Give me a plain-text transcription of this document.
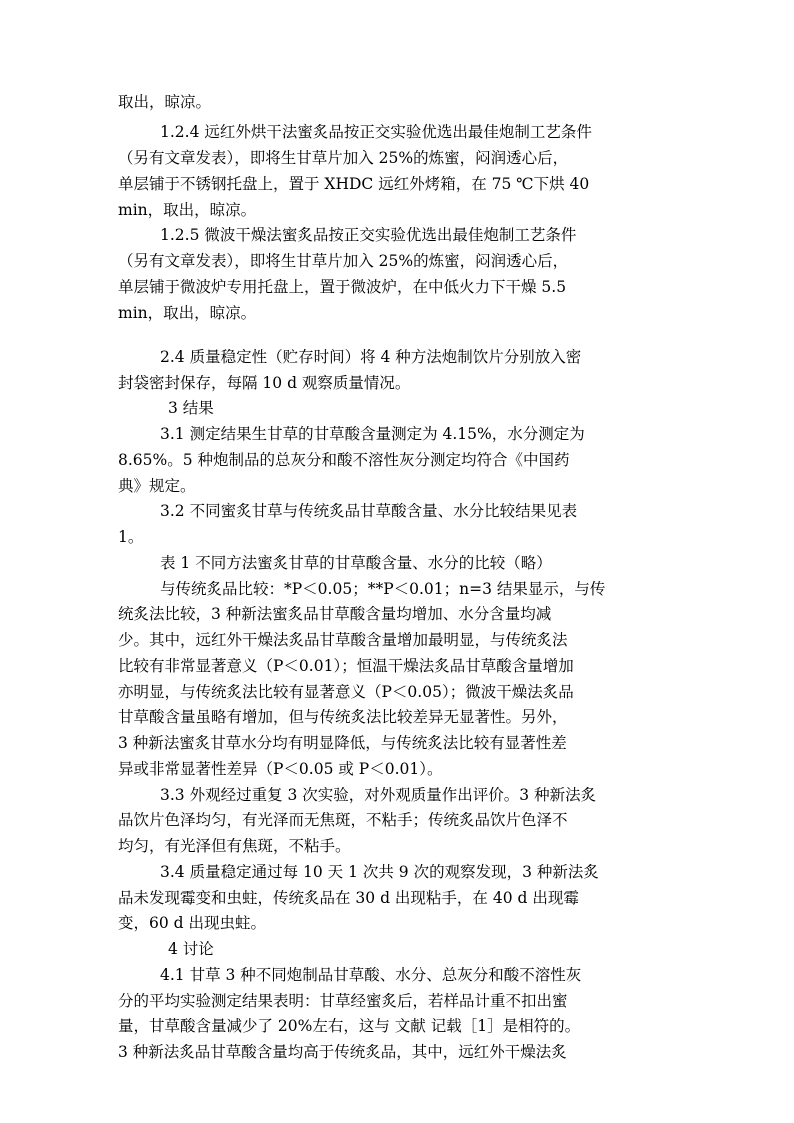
取出，晾凉。
1.2.4 远红外烘干法蜜炙品按正交实验优选出最佳炮制工艺条件
（另有文章发表），即将生甘草片加入 25%的炼蜜，闷润透心后，
单层铺于不锈钢托盘上，置于 XHDC 远红外烤箱，在 75 ℃下烘 40
min，取出，晾凉。
1.2.5 微波干燥法蜜炙品按正交实验优选出最佳炮制工艺条件
（另有文章发表），即将生甘草片加入 25%的炼蜜，闷润透心后，
单层铺于微波炉专用托盘上，置于微波炉，在中低火力下干燥 5.5
min，取出，晾凉。
2.4 质量稳定性（贮存时间）将 4 种方法炮制饮片分别放入密
封袋密封保存，每隔 10 d 观察质量情况。
3 结果
3.1 测定结果生甘草的甘草酸含量测定为 4.15%，水分测定为
8.65%。5 种炮制品的总灰分和酸不溶性灰分测定均符合《中国药
典》规定。
3.2 不同蜜炙甘草与传统炙品甘草酸含量、水分比较结果见表
1。
表 1 不同方法蜜炙甘草的甘草酸含量、水分的比较（略）
与传统炙品比较：*P＜0.05；**P＜0.01；n=3 结果显示，与传
统炙法比较，3 种新法蜜炙品甘草酸含量均增加、水分含量均减
少。其中，远红外干燥法炙品甘草酸含量增加最明显，与传统炙法
比较有非常显著意义（P＜0.01）；恒温干燥法炙品甘草酸含量增加
亦明显，与传统炙法比较有显著意义（P＜0.05）；微波干燥法炙品
甘草酸含量虽略有增加，但与传统炙法比较差异无显著性。另外，
3 种新法蜜炙甘草水分均有明显降低，与传统炙法比较有显著性差
异或非常显著性差异（P＜0.05 或 P＜0.01）。
3.3 外观经过重复 3 次实验，对外观质量作出评价。3 种新法炙
品饮片色泽均匀，有光泽而无焦斑，不粘手；传统炙品饮片色泽不
均匀，有光泽但有焦斑，不粘手。
3.4 质量稳定通过每 10 天 1 次共 9 次的观察发现，3 种新法炙
品未发现霉变和虫蛀，传统炙品在 30 d 出现粘手，在 40 d 出现霉
变，60 d 出现虫蛀。
4 讨论
4.1 甘草 3 种不同炮制品甘草酸、水分、总灰分和酸不溶性灰
分的平均实验测定结果表明：甘草经蜜炙后，若样品计重不扣出蜜
量，甘草酸含量减少了 20%左右，这与 文献 记载［1］是相符的。
3 种新法炙品甘草酸含量均高于传统炙品，其中，远红外干燥法炙
